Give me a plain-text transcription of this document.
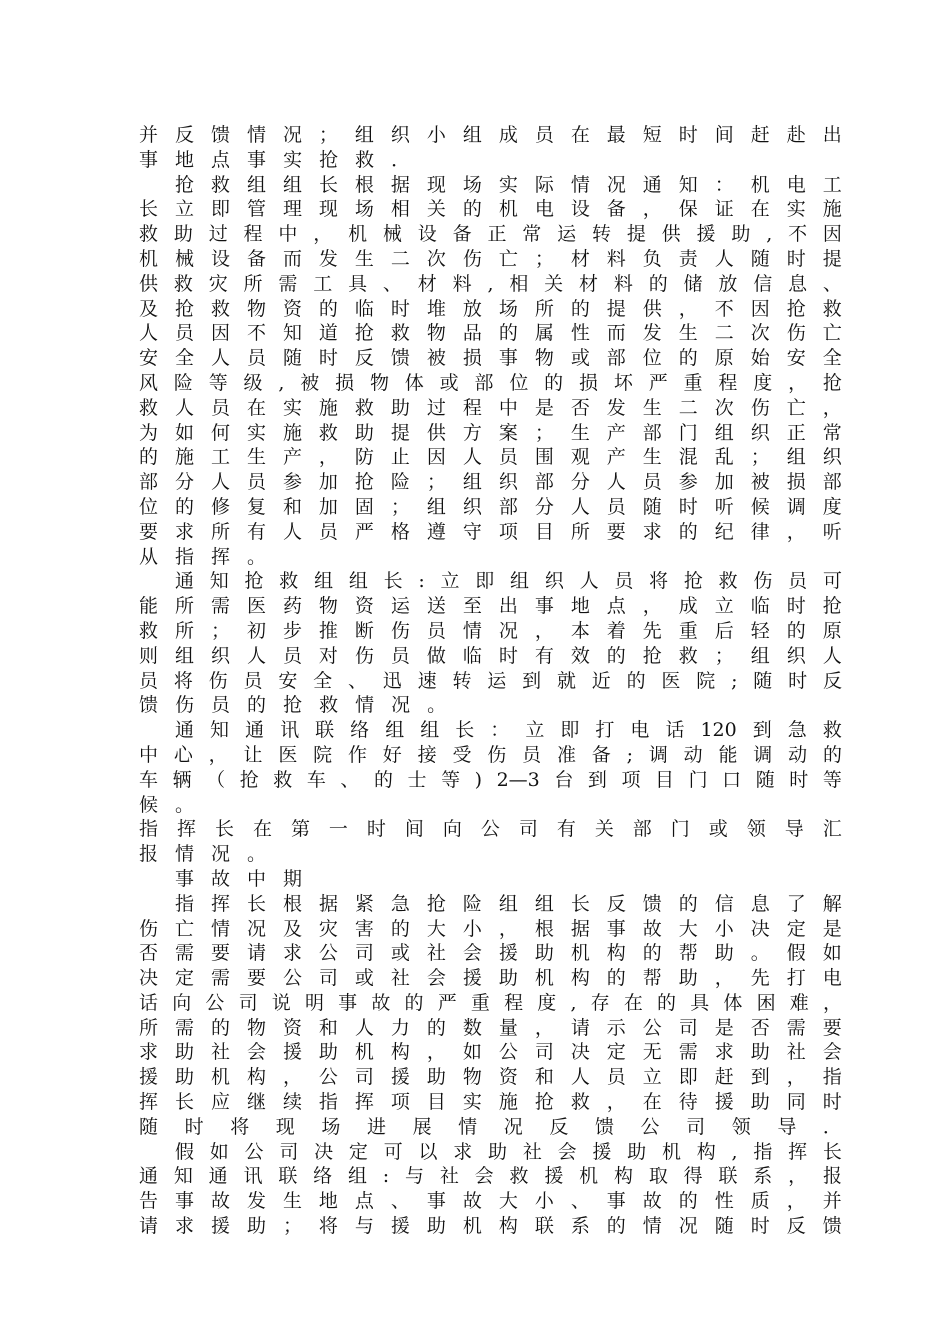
并 反 馈 情 况 ； 组 织 小 组 成 员 在 最 短 时 间 赶 赴 出
事 地 点 事 实 抢 救 ．
抢 救 组 组 长 根 据 现 场 实 际 情 况 通 知 ： 机 电 工
长 立 即 管 理 现 场 相 关 的 机 电 设 备 ， 保 证 在 实 施
救 助 过 程 中 ， 机 械 设 备 正 常 运 转 提 供 援 助 , 不 因
机 械 设 备 而 发 生 二 次 伤 亡 ； 材 料 负 责 人 随 时 提
供 救 灾 所 需 工 具 、 材 料 , 相 关 材 料 的 储 放 信 息 、
及 抢 救 物 资 的 临 时 堆 放 场 所 的 提 供 ， 不 因 抢 救
人 员 因 不 知 道 抢 救 物 品 的 属 性 而 发 生 二 次 伤 亡
安 全 人 员 随 时 反 馈 被 损 事 物 或 部 位 的 原 始 安 全
风 险 等 级 , 被 损 物 体 或 部 位 的 损 坏 严 重 程 度 ， 抢
救 人 员 在 实 施 救 助 过 程 中 是 否 发 生 二 次 伤 亡 ，
为 如 何 实 施 救 助 提 供 方 案 ； 生 产 部 门 组 织 正 常
的 施 工 生 产 ， 防 止 因 人 员 围 观 产 生 混 乱 ； 组 织
部 分 人 员 参 加 抢 险 ； 组 织 部 分 人 员 参 加 被 损 部
位 的 修 复 和 加 固 ； 组 织 部 分 人 员 随 时 听 候 调 度
要 求 所 有 人 员 严 格 遵 守 项 目 所 要 求 的 纪 律 ， 听
从 指 挥 。
通 知 抢 救 组 组 长 : 立 即 组 织 人 员 将 抢 救 伤 员 可
能 所 需 医 药 物 资 运 送 至 出 事 地 点 ， 成 立 临 时 抢
救 所 ； 初 步 推 断 伤 员 情 况 ， 本 着 先 重 后 轻 的 原
则 组 织 人 员 对 伤 员 做 临 时 有 效 的 抢 救 ； 组 织 人
员 将 伤 员 安 全 、 迅 速 转 运 到 就 近 的 医 院 ; 随 时 反
馈 伤 员 的 抢 救 情 况 。
通 知 通 讯 联 络 组 组 长 ： 立 即 打 电 话 120 到 急 救
中 心 ， 让 医 院 作 好 接 受 伤 员 准 备 ; 调 动 能 调 动 的
车 辆 （ 抢 救 车 、 的 士 等 ) 2—3 台 到 项 目 门 口 随 时 等
候 。
指 挥 长 在 第 一 时 间 向 公 司 有 关 部 门 或 领 导 汇
报 情 况 。
事 故 中 期
指 挥 长 根 据 紧 急 抢 险 组 组 长 反 馈 的 信 息 了 解
伤 亡 情 况 及 灾 害 的 大 小 ， 根 据 事 故 大 小 决 定 是
否 需 要 请 求 公 司 或 社 会 援 助 机 构 的 帮 助 。 假 如
决 定 需 要 公 司 或 社 会 援 助 机 构 的 帮 助 ， 先 打 电
话 向 公 司 说 明 事 故 的 严 重 程 度 , 存 在 的 具 体 困 难 ，
所 需 的 物 资 和 人 力 的 数 量 ， 请 示 公 司 是 否 需 要
求 助 社 会 援 助 机 构 ， 如 公 司 决 定 无 需 求 助 社 会
援 助 机 构 ， 公 司 援 助 物 资 和 人 员 立 即 赶 到 ， 指
挥 长 应 继 续 指 挥 项 目 实 施 抢 救 ， 在 待 援 助 同 时
随 时 将 现 场 进 展 情 况 反 馈 公 司 领 导 ．
假 如 公 司 决 定 可 以 求 助 社 会 援 助 机 构 , 指 挥 长
通 知 通 讯 联 络 组 : 与 社 会 救 援 机 构 取 得 联 系 ， 报
告 事 故 发 生 地 点 、 事 故 大 小 、 事 故 的 性 质 ， 并
请 求 援 助 ； 将 与 援 助 机 构 联 系 的 情 况 随 时 反 馈
